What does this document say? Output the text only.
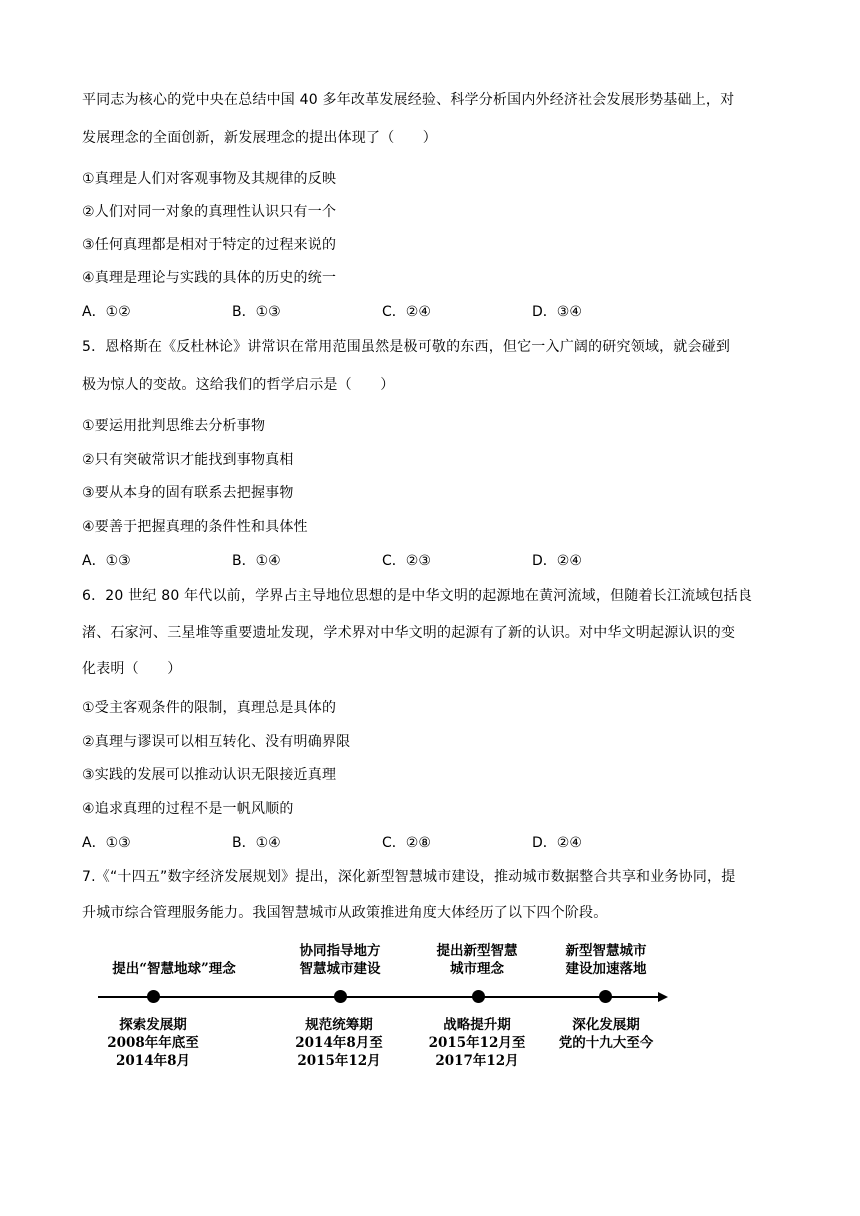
平同志为核心的党中央在总结中国 40 多年改革发展经验、科学分析国内外经济社会发展形势基础上，对
发展理念的全面创新，新发展理念的提出体现了（　　）
①真理是人们对客观事物及其规律的反映
②人们对同一对象的真理性认识只有一个
③任何真理都是相对于特定的过程来说的
④真理是理论与实践的具体的历史的统一
A．①②	B．①③	C．②④	D．③④
5．恩格斯在《反杜林论》讲常识在常用范围虽然是极可敬的东西，但它一入广阔的研究领域，就会碰到
极为惊人的变故。这给我们的哲学启示是（　　）
①要运用批判思维去分析事物
②只有突破常识才能找到事物真相
③要从本身的固有联系去把握事物
④要善于把握真理的条件性和具体性
A．①③	B．①④	C．②③	D．②④
6．20 世纪 80 年代以前，学界占主导地位思想的是中华文明的起源地在黄河流域，但随着长江流域包括良
渚、石家河、三星堆等重要遗址发现，学术界对中华文明的起源有了新的认识。对中华文明起源认识的变
化表明（　　）
①受主客观条件的限制，真理总是具体的
②真理与谬误可以相互转化、没有明确界限
③实践的发展可以推动认识无限接近真理
④追求真理的过程不是一帆风顺的
A．①③	B．①④	C．②⑧	D．②④
7.《“十四五”数字经济发展规划》提出，深化新型智慧城市建设，推动城市数据整合共享和业务协同，提
升城市综合管理服务能力。我国智慧城市从政策推进角度大体经历了以下四个阶段。
提出“智慧地球”理念
协同指导地方
智慧城市建设
提出新型智慧
城市理念
新型智慧城市
建设加速落地
探索发展期
2008年年底至
2014年8月
规范统筹期
2014年8月至
2015年12月
战略提升期
2015年12月至
2017年12月
深化发展期
党的十九大至今
